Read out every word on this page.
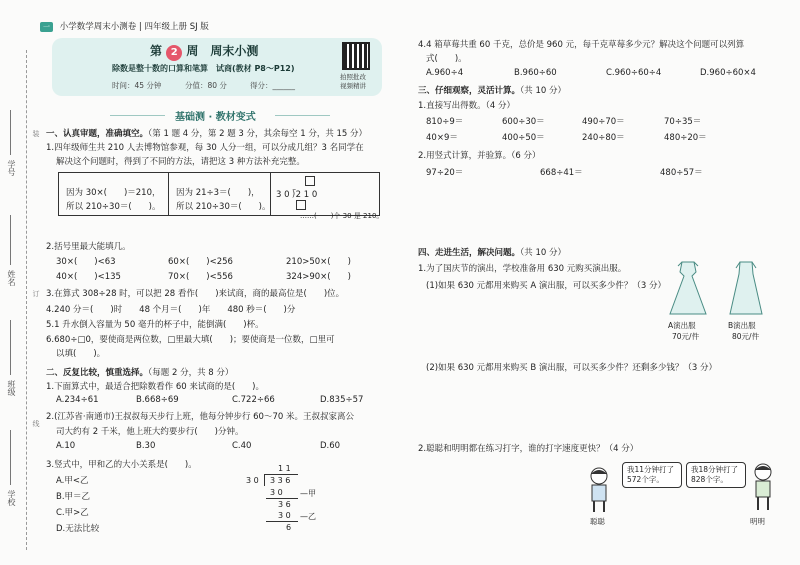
一 小学数学周末小测卷 | 四年级上册 SJ 版
学号
姓名
班级
学校
装
订
线
第 2 周　周末小测
除数是整十数的口算和笔算　试商(教材 P8～P12)
时间：45 分钟	分值：80 分	得分：______
拍照批改
视频精讲
基础测 · 教材变式
一、认真审题，准确填空。（第 1 题 4 分，第 2 题 3 分，其余每空 1 分，共 15 分）
1.四年级师生共 210 人去博物馆参观，每 30 人分一组，可以分成几组？3 名同学在
解决这个问题时，得到了不同的方法，请把这 3 种方法补充完整。
因为 30×(　　)＝210，
所以 210÷30＝(　　)。
因为 21÷3＝(　　)，
所以 210÷30＝(　　)。
3 0 ⟌2 1 0
……(　　)个 30 是 210。
2.括号里最大能填几。
30×(　　)<63	60×(　　)<256	210>50×(　　)
40×(　　)<135	70×(　　)<556	324>90×(　　)
3.在算式 308÷28 时，可以把 28 看作(　　)来试商，商的最高位是(　　)位。
4.240 分＝(　　)时　　48 个月＝(　　)年　　480 秒＝(　　)分
5.1 升水倒入容量为 50 毫升的杯子中，能倒满(　　)杯。
6.680÷□0，要使商是两位数，□里最大填(　　)；要使商是一位数，□里可
以填(　　)。
二、反复比较，慎重选择。（每题 2 分，共 8 分）
1.下面算式中，最适合把除数看作 60 来试商的是(　　)。
A.234÷61	B.668÷69	C.722÷66	D.835÷57
2.(江苏省·南通市)王叔叔每天步行上班，他每分钟步行 60～70 米。王叔叔家离公
司大约有 2 千米，他上班大约要步行(　　)分钟。
A.10	B.30	C.40	D.60
3.竖式中，甲和乙的大小关系是(　　)。
A.甲<乙
B.甲＝乙
C.甲>乙
D.无法比较
1 1
3 0 3 3 6
3 0 —甲
3 6
3 0 —乙
6
4.4 箱草莓共重 60 千克，总价是 960 元，每千克草莓多少元？解决这个问题可以列算
式(　　)。
A.960÷4	B.960÷60	C.960÷60÷4	D.960÷60×4
三、仔细观察，灵活计算。（共 10 分）
1.直接写出得数。（4 分）
810÷9＝	600÷30＝	490÷70＝	70÷35＝
40×9＝	400÷50＝	240÷80＝	480÷20＝
2.用竖式计算，并验算。（6 分）
97÷20＝	668÷41＝	480÷57＝
四、走进生活，解决问题。（共 10 分）
1.为了国庆节的演出，学校准备用 630 元购买演出服。
(1)如果 630 元都用来购买 A 演出服，可以买多少件？（3 分）
A演出服
70元/件
B演出服
80元/件
(2)如果 630 元都用来购买 B 演出服，可以买多少件？还剩多少钱？（3 分）
2.聪聪和明明都在练习打字，谁的打字速度更快？（4 分）
聪聪
我11分钟打了572个字。
我18分钟打了828个字。
明明
